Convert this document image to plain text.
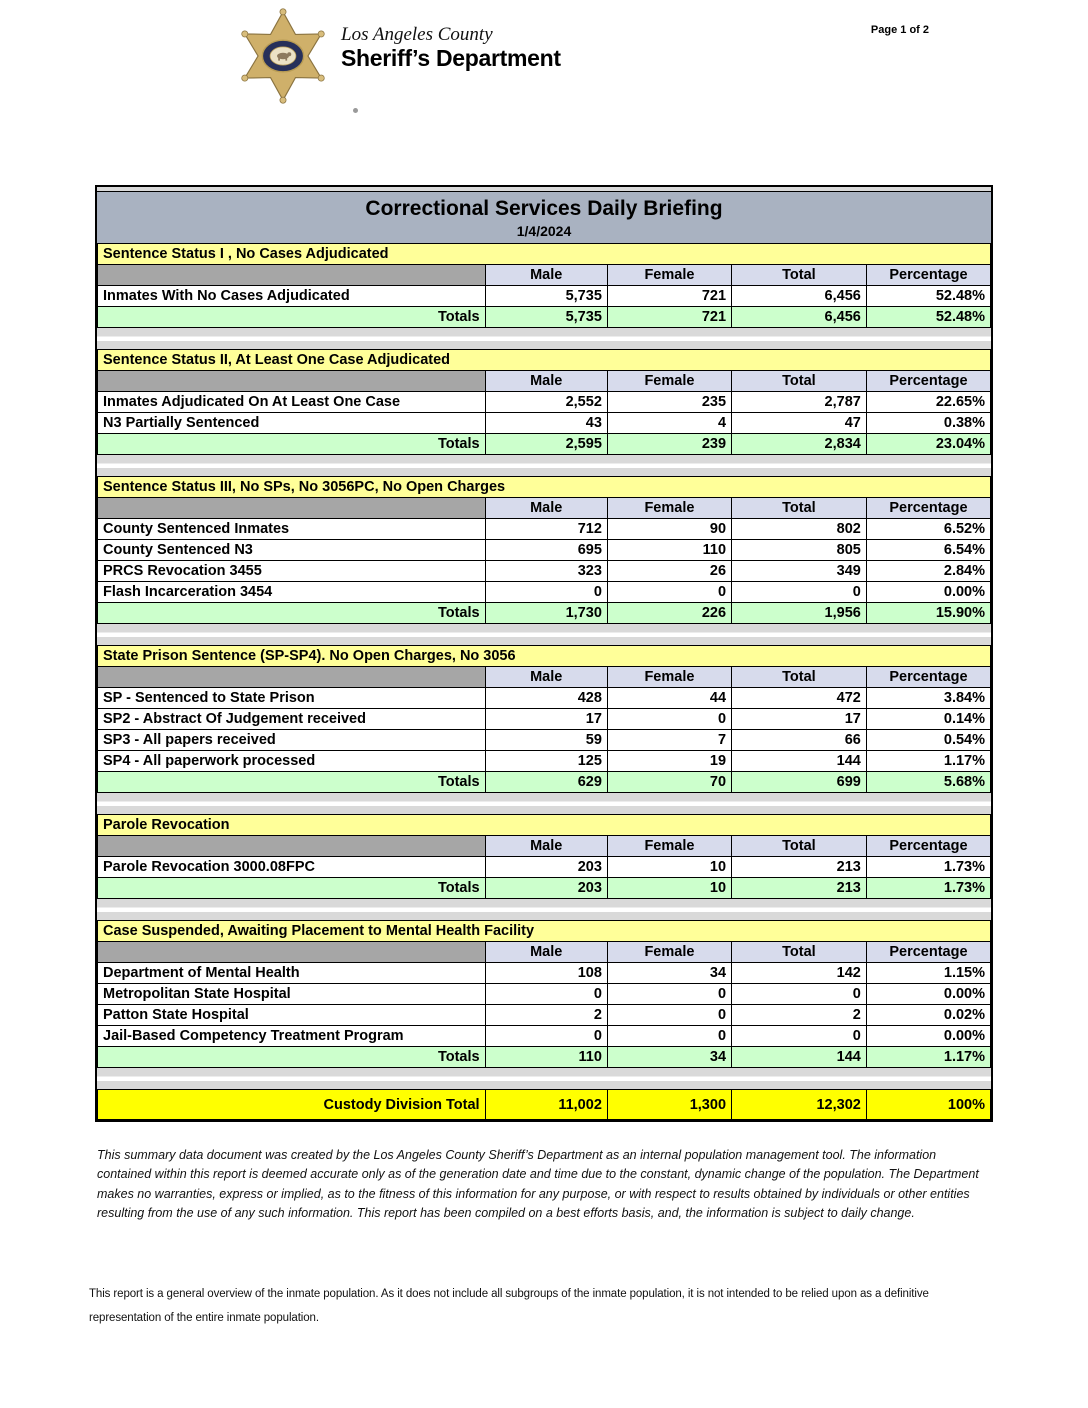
Los Angeles County
Sheriff’s Department
Page 1 of 2
Correctional Services Daily Briefing
1/4/2024
Sentence Status I , No Cases Adjudicated				
	Male	Female	Total	Percentage
Inmates With No Cases Adjudicated	5,735	721	6,456	52.48%
Totals	5,735	721	6,456	52.48%
Sentence Status II, At Least One Case Adjudicated				
	Male	Female	Total	Percentage
Inmates Adjudicated On At Least One Case	2,552	235	2,787	22.65%
N3 Partially Sentenced	43	4	47	0.38%
Totals	2,595	239	2,834	23.04%
Sentence Status III, No SPs, No 3056PC, No Open Charges				
	Male	Female	Total	Percentage
County Sentenced Inmates	712	90	802	6.52%
County Sentenced N3	695	110	805	6.54%
PRCS Revocation 3455	323	26	349	2.84%
Flash Incarceration 3454	0	0	0	0.00%
Totals	1,730	226	1,956	15.90%
State Prison Sentence (SP-SP4). No Open Charges, No 3056				
	Male	Female	Total	Percentage
SP - Sentenced to State Prison	428	44	472	3.84%
SP2 - Abstract Of Judgement received	17	0	17	0.14%
SP3 - All papers received	59	7	66	0.54%
SP4 - All paperwork processed	125	19	144	1.17%
Totals	629	70	699	5.68%
Parole Revocation				
	Male	Female	Total	Percentage
Parole Revocation 3000.08FPC	203	10	213	1.73%
Totals	203	10	213	1.73%
Case Suspended, Awaiting Placement to Mental Health Facility				
	Male	Female	Total	Percentage
Department of Mental Health	108	34	142	1.15%
Metropolitan State Hospital	0	0	0	0.00%
Patton State Hospital	2	0	2	0.02%
Jail-Based Competency Treatment Program	0	0	0	0.00%
Totals	110	34	144	1.17%
Custody Division Total	11,002	1,300	12,302	100%

This summary data document was created by the Los Angeles County Sheriff’s Department as an internal population management tool. The information contained within this report is deemed accurate only as of the generation date and time due to the constant, dynamic change of the population. The Department makes no warranties, express or implied, as to the fitness of this information for any purpose, or with respect to results obtained by individuals or other entities resulting from the use of any such information. This report has been compiled on a best efforts basis, and, the information is subject to daily change.

This report is a general overview of the inmate population. As it does not include all subgroups of the inmate population, it is not intended to be relied upon as a definitive representation of the entire inmate population.
